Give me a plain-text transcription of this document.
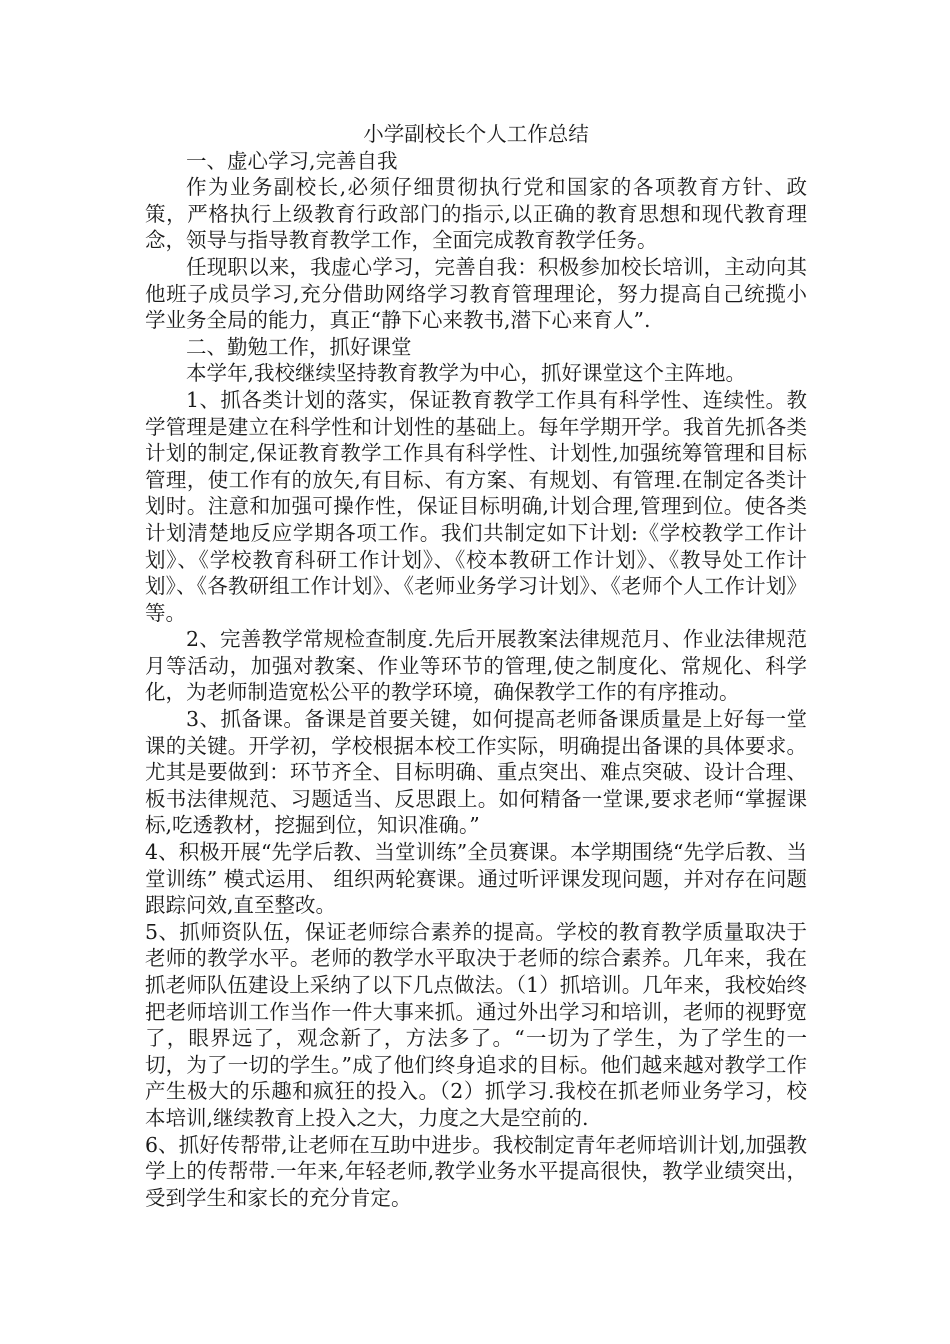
小学副校长个人工作总结

一、虚心学习,完善自我

作为业务副校长,必须仔细贯彻执行党和国家的各项教育方针、政策，严格执行上级教育行政部门的指示,以正确的教育思想和现代教育理念，领导与指导教育教学工作，全面完成教育教学任务。

任现职以来，我虚心学习，完善自我：积极参加校长培训，主动向其他班子成员学习,充分借助网络学习教育管理理论，努力提高自己统揽小学业务全局的能力，真正“静下心来教书,潜下心来育人”.

二、勤勉工作，抓好课堂

本学年,我校继续坚持教育教学为中心，抓好课堂这个主阵地。

1、抓各类计划的落实，保证教育教学工作具有科学性、连续性。教学管理是建立在科学性和计划性的基础上。每年学期开学。我首先抓各类计划的制定,保证教育教学工作具有科学性、计划性,加强统筹管理和目标管理，使工作有的放矢,有目标、有方案、有规划、有管理.在制定各类计划时。注意和加强可操作性，保证目标明确,计划合理,管理到位。使各类计划清楚地反应学期各项工作。我们共制定如下计划:《学校教学工作计划》、《学校教育科研工作计划》、《校本教研工作计划》、《教导处工作计划》、《各教研组工作计划》、《老师业务学习计划》、《老师个人工作计划》等。

2、完善教学常规检查制度.先后开展教案法律规范月、作业法律规范月等活动，加强对教案、作业等环节的管理,使之制度化、常规化、科学化，为老师制造宽松公平的教学环境，确保教学工作的有序推动。

3、抓备课。备课是首要关键，如何提高老师备课质量是上好每一堂课的关键。开学初，学校根据本校工作实际，明确提出备课的具体要求。尤其是要做到：环节齐全、目标明确、重点突出、难点突破、设计合理、板书法律规范、习题适当、反思跟上。如何精备一堂课,要求老师“掌握课标,吃透教材，挖掘到位，知识准确。”

4、积极开展“先学后教、当堂训练”全员赛课。本学期围绕“先学后教、当堂训练” 模式运用、 组织两轮赛课。通过听评课发现问题，并对存在问题跟踪问效,直至整改。

5、抓师资队伍，保证老师综合素养的提高。学校的教育教学质量取决于老师的教学水平。老师的教学水平取决于老师的综合素养。几年来，我在抓老师队伍建设上采纳了以下几点做法。（1）抓培训。几年来，我校始终把老师培训工作当作一件大事来抓。通过外出学习和培训，老师的视野宽了，眼界远了，观念新了，方法多了。“一切为了学生，为了学生的一切，为了一切的学生。”成了他们终身追求的目标。他们越来越对教学工作产生极大的乐趣和疯狂的投入。（2）抓学习.我校在抓老师业务学习，校本培训,继续教育上投入之大，力度之大是空前的.

6、抓好传帮带,让老师在互助中进步。我校制定青年老师培训计划,加强教学上的传帮带.一年来,年轻老师,教学业务水平提高很快，教学业绩突出，受到学生和家长的充分肯定。
